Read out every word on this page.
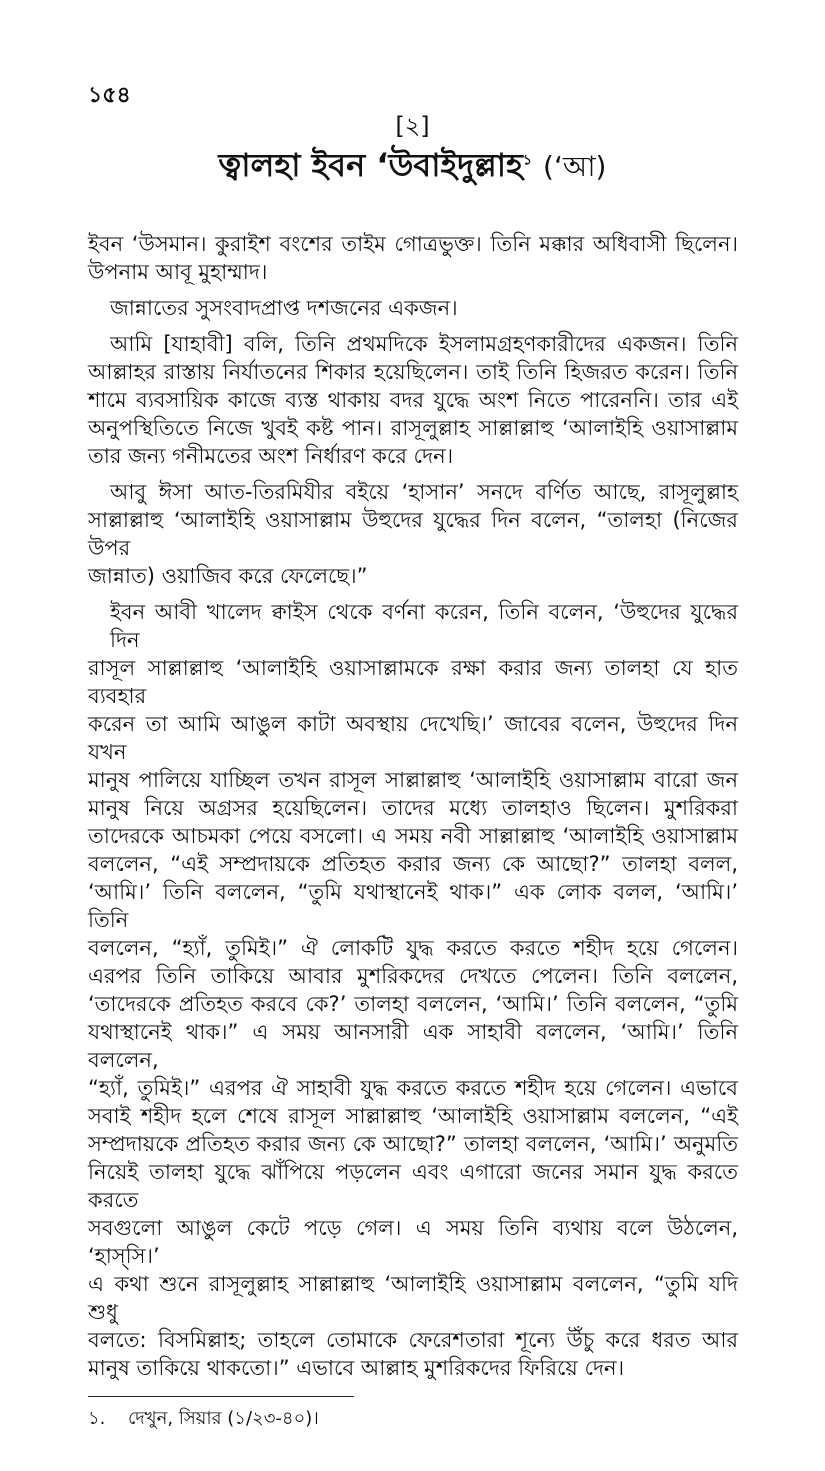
১৫৪
[২]
ত্বালহা ইবন ‘উবাইদুল্লাহ$^১$ (‘আ)
ইবন ‘উসমান। কুরাইশ বংশের তাইম গোত্রভুক্ত। তিনি মক্কার অধিবাসী ছিলেন।
উপনাম আবূ মুহাম্মাদ।
জান্নাতের সুসংবাদপ্রাপ্ত দশজনের একজন।
আমি [যাহাবী] বলি, তিনি প্রথমদিকে ইসলামগ্রহণকারীদের একজন। তিনি
আল্লাহর রাস্তায় নির্যাতনের শিকার হয়েছিলেন। তাই তিনি হিজরত করেন। তিনি
শামে ব্যবসায়িক কাজে ব্যস্ত থাকায় বদর যুদ্ধে অংশ নিতে পারেননি। তার এই
অনুপস্থিতিতে নিজে খুবই কষ্ট পান। রাসূলুল্লাহ সাল্লাল্লাহু ‘আলাইহি ওয়াসাল্লাম
তার জন্য গনীমতের অংশ নির্ধারণ করে দেন।
আবু ঈসা আত-তিরমিযীর বইয়ে ‘হাসান’ সনদে বর্ণিত আছে, রাসূলুল্লাহ
সাল্লাল্লাহু ‘আলাইহি ওয়াসাল্লাম উহুদের যুদ্ধের দিন বলেন, “তালহা (নিজের উপর
জান্নাত) ওয়াজিব করে ফেলেছে।”
ইবন আবী খালেদ ক্বাইস থেকে বর্ণনা করেন, তিনি বলেন, ‘উহুদের যুদ্ধের দিন
রাসূল সাল্লাল্লাহু ‘আলাইহি ওয়াসাল্লামকে রক্ষা করার জন্য তালহা যে হাত ব্যবহার
করেন তা আমি আঙুল কাটা অবস্থায় দেখেছি।’ জাবের বলেন, উহুদের দিন যখন
মানুষ পালিয়ে যাচ্ছিল তখন রাসূল সাল্লাল্লাহু ‘আলাইহি ওয়াসাল্লাম বারো জন
মানুষ নিয়ে অগ্রসর হয়েছিলেন। তাদের মধ্যে তালহাও ছিলেন। মুশরিকরা
তাদেরকে আচমকা পেয়ে বসলো। এ সময় নবী সাল্লাল্লাহু ‘আলাইহি ওয়াসাল্লাম
বললেন, “এই সম্প্রদায়কে প্রতিহত করার জন্য কে আছো?” তালহা বলল,
‘আমি।’ তিনি বললেন, “তুমি যথাস্থানেই থাক।” এক লোক বলল, ‘আমি।’ তিনি
বললেন, “হ্যাঁ, তুমিই।” ঐ লোকটি যুদ্ধ করতে করতে শহীদ হয়ে গেলেন।
এরপর তিনি তাকিয়ে আবার মুশরিকদের দেখতে পেলেন। তিনি বললেন,
‘তাদেরকে প্রতিহত করবে কে?’ তালহা বললেন, ‘আমি।’ তিনি বললেন, “তুমি
যথাস্থানেই থাক।” এ সময় আনসারী এক সাহাবী বললেন, ‘আমি।’ তিনি বললেন,
“হ্যাঁ, তুমিই।” এরপর ঐ সাহাবী যুদ্ধ করতে করতে শহীদ হয়ে গেলেন। এভাবে
সবাই শহীদ হলে শেষে রাসূল সাল্লাল্লাহু ‘আলাইহি ওয়াসাল্লাম বললেন, “এই
সম্প্রদায়কে প্রতিহত করার জন্য কে আছো?” তালহা বললেন, ‘আমি।’ অনুমতি
নিয়েই তালহা যুদ্ধে ঝাঁপিয়ে পড়লেন এবং এগারো জনের সমান যুদ্ধ করতে করতে
সবগুলো আঙুল কেটে পড়ে গেল। এ সময় তিনি ব্যথায় বলে উঠলেন, ‘হাস্‌সি।’
এ কথা শুনে রাসূলুল্লাহ সাল্লাল্লাহু ‘আলাইহি ওয়াসাল্লাম বললেন, “তুমি যদি শুধু
বলতে: বিসমিল্লাহ; তাহলে তোমাকে ফেরেশতারা শূন্যে উঁচু করে ধরত আর
মানুষ তাকিয়ে থাকতো।” এভাবে আল্লাহ মুশরিকদের ফিরিয়ে দেন।
১. দেখুন, সিয়ার (১/২৩-৪০)।
